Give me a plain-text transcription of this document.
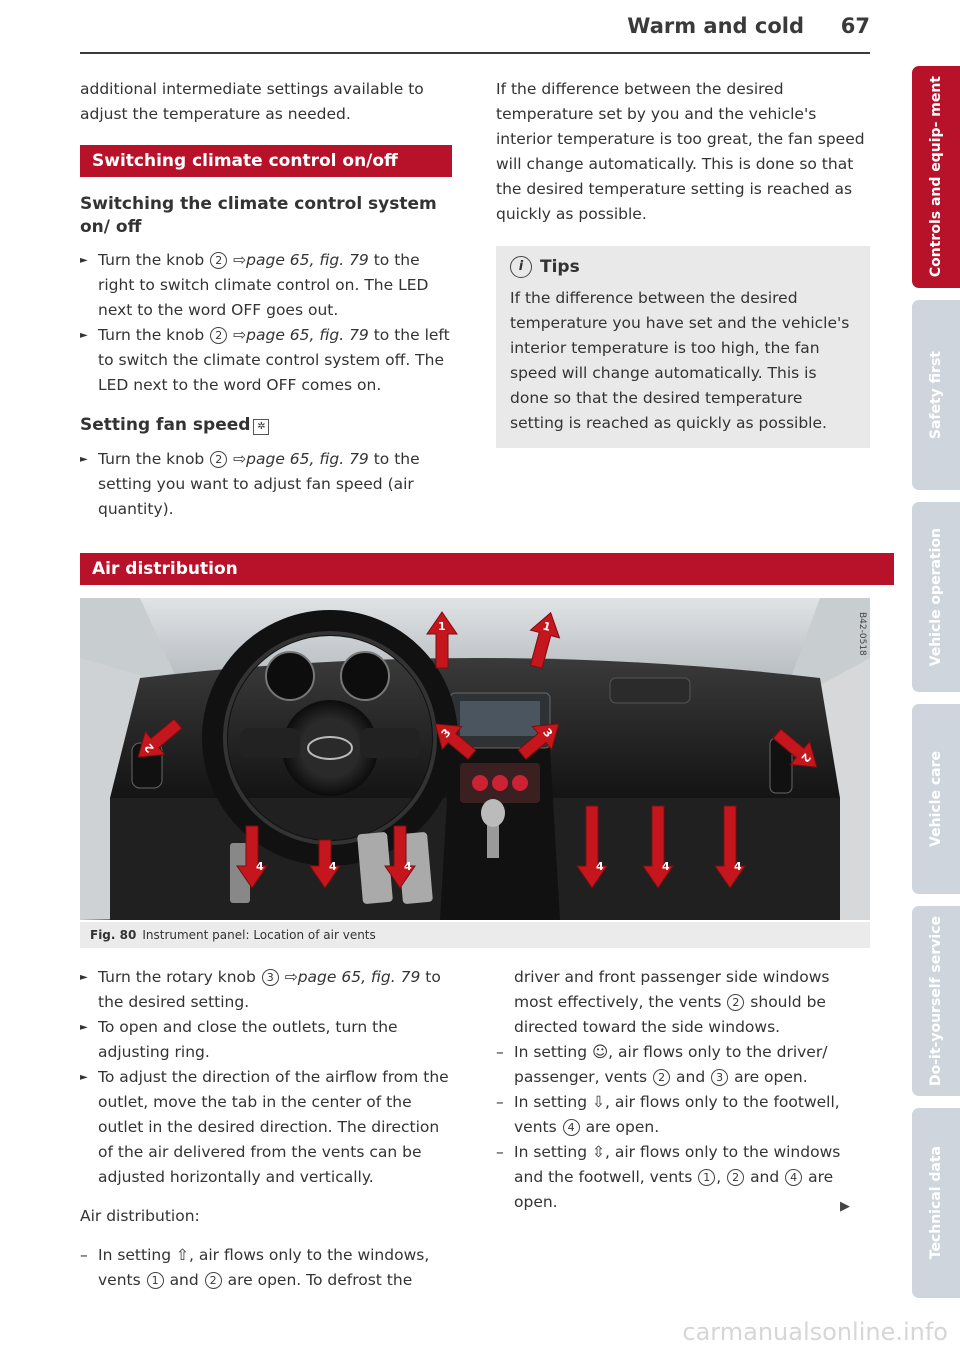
Warm and cold 67

additional intermediate settings available to adjust the temperature as needed.

Switching climate control on/off
Switching the climate control system on/ off

► Turn the knob 2 ⇨page 65, fig. 79 to the right to switch climate control on. The LED next to the word OFF goes out.

► Turn the knob 2 ⇨page 65, fig. 79 to the left to switch the climate control system off. The LED next to the word OFF comes on.

Setting fan speed ✲

► Turn the knob 2 ⇨page 65, fig. 79 to the setting you want to adjust fan speed (air quantity).

If the difference between the desired temperature set by you and the vehicle's interior temperature is too great, the fan speed will change automatically. This is done so that the desired temperature setting is reached as quickly as possible.

i Tips

If the difference between the desired temperature you have set and the vehicle's interior temperature is too high, the fan speed will change automatically. This is done so that the desired temperature setting is reached as quickly as possible.

Air distribution
B42-0518
1	1
2
2
3	3
4	4	4	4	4	4
Fig. 80 Instrument panel: Location of air vents

► Turn the rotary knob 3 ⇨page 65, fig. 79 to the desired setting.

► To open and close the outlets, turn the adjusting ring.

► To adjust the direction of the airflow from the outlet, move the tab in the center of the outlet in the desired direction. The direction of the air delivered from the vents can be adjusted horizontally and vertically.

Air distribution:

– In setting ⇧, air flows only to the windows, vents 1 and 2 are open. To defrost the

driver and front passenger side windows most effectively, the vents 2 should be directed toward the side windows.

– In setting ☺, air flows only to the driver/ passenger, vents 2 and 3 are open.

– In setting ⇩, air flows only to the footwell, vents 4 are open.

– In setting ⇳, air flows only to the windows and the footwell, vents 1 , 2 and 4 are open.	▶
Controls and equip- ment
Safety first
Vehicle operation
Vehicle care
Do-it-yourself service
Technical data
carmanualsonline.info
